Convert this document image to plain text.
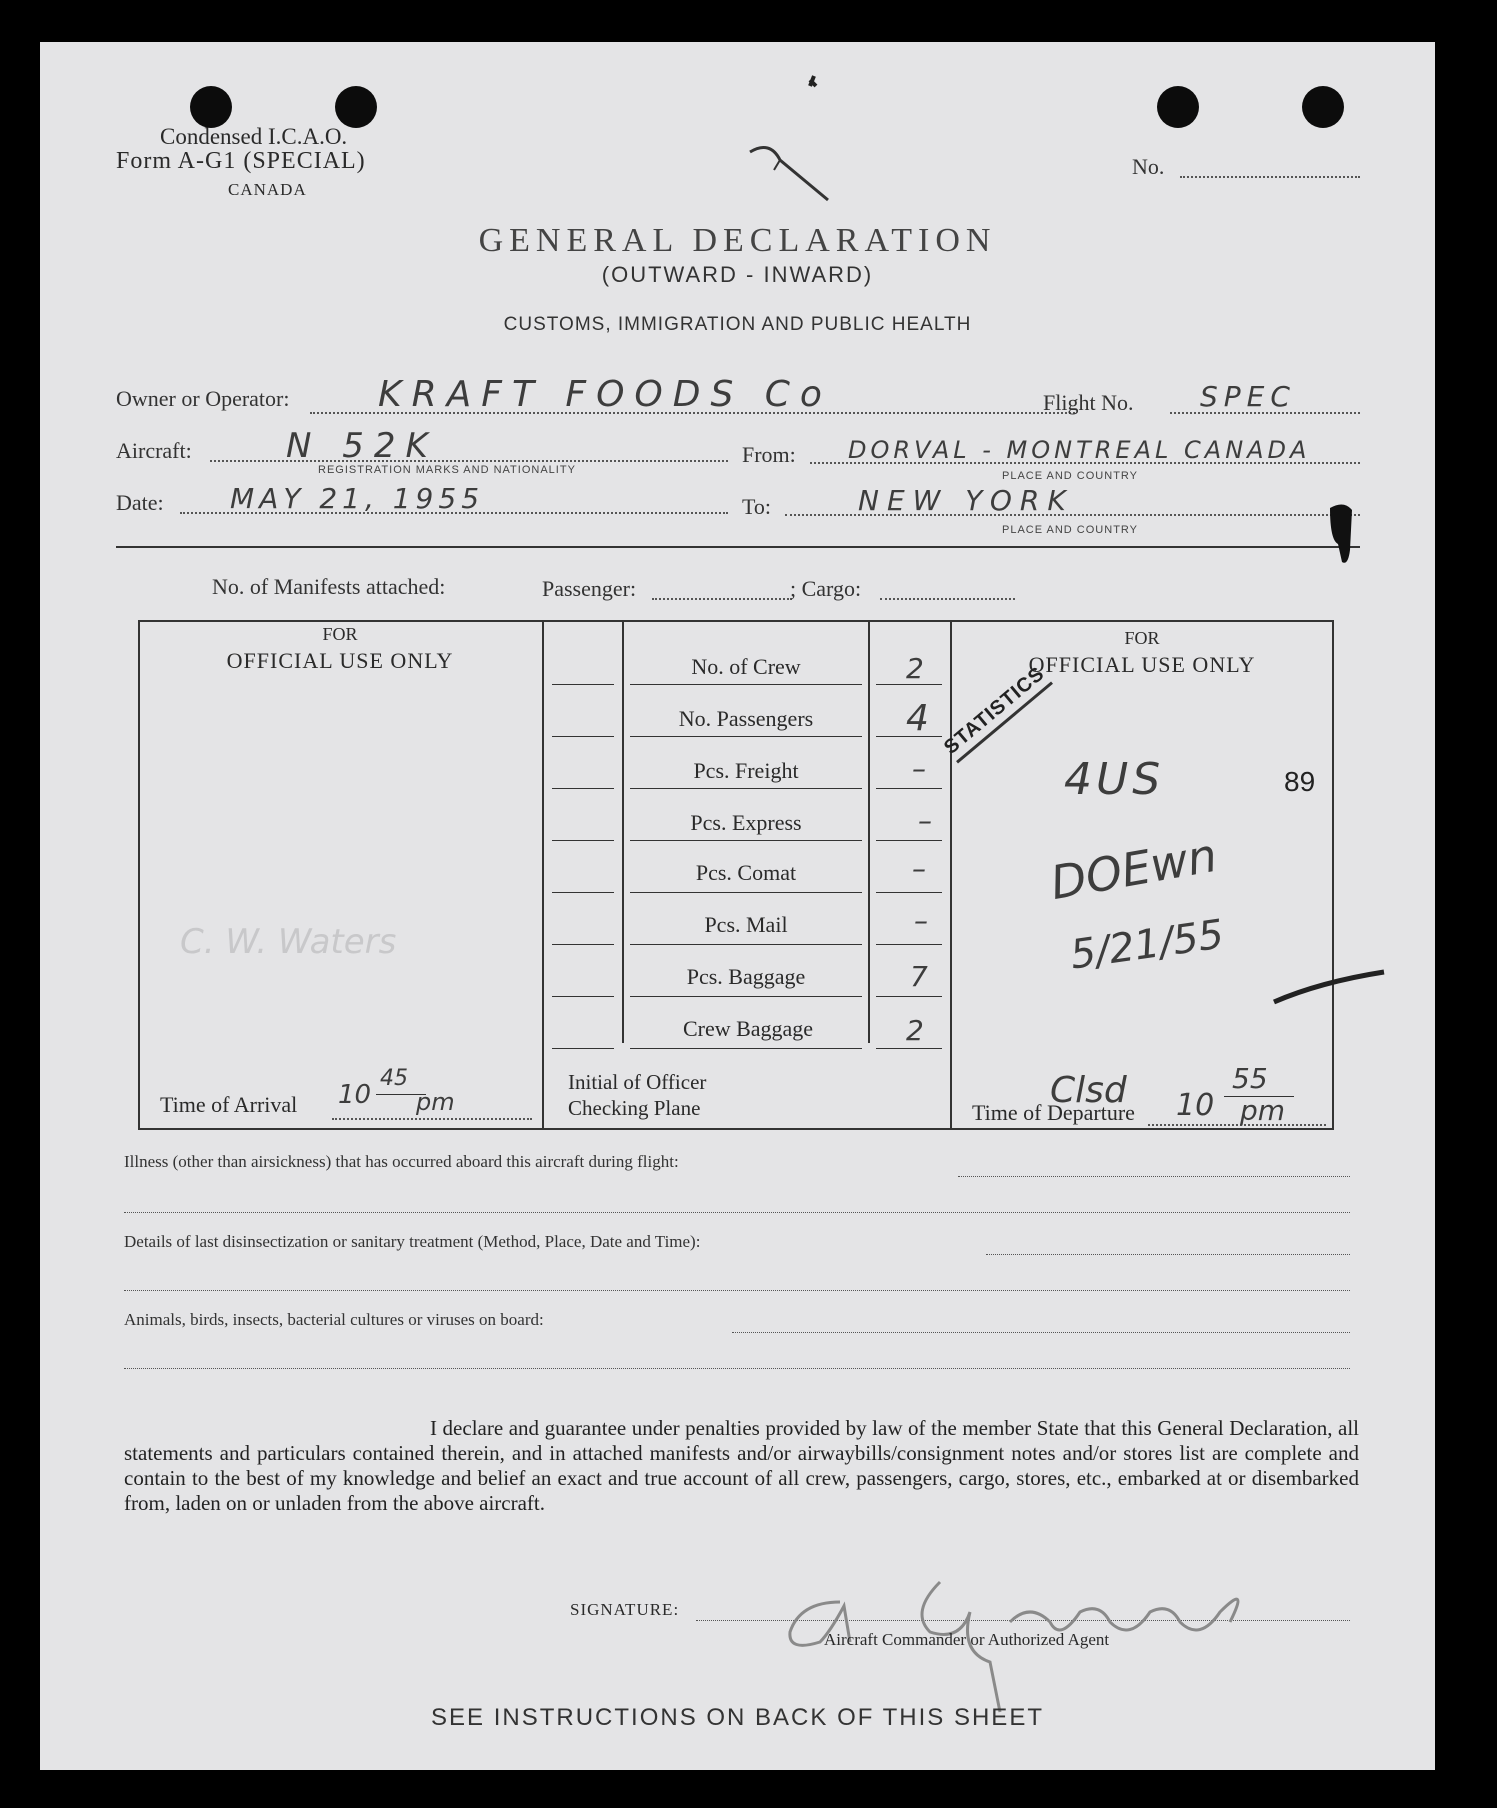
Condensed I.C.A.O.
Form A-G1 (SPECIAL)
CANADA
No.
GENERAL DECLARATION
(OUTWARD - INWARD)
CUSTOMS, IMMIGRATION AND PUBLIC HEALTH
Owner or Operator: KRAFT FOODS Co	Flight No. SPEC
Aircraft:	N 52K
REGISTRATION MARKS AND NATIONALITY
From: DORVAL - MONTREAL CANADA
PLACE AND COUNTRY
Date: MAY 21, 1955	To:	NEW YORK
PLACE AND COUNTRY
No. of Manifests attached:	Passenger:	; Cargo:
FOR
OFFICIAL USE ONLY
C. W. Waters
Time of Arrival 10
45
pm
Initial of Officer
Checking Plane
No. of Crew	2
No. Passengers	4
Pcs. Freight	–
Pcs. Express	–
Pcs. Comat	–
Pcs. Mail	–
Pcs. Baggage	7
Crew Baggage	2
FOR
OFFICIAL USE ONLY
STATISTICS
4US	89
DOEwn
5/21/55
Time of Departure
Clsd 10
55
pm
Illness (other than airsickness) that has occurred aboard this aircraft during flight:
Details of last disinsectization or sanitary treatment (Method, Place, Date and Time):
Animals, birds, insects, bacterial cultures or viruses on board:
I declare and guarantee under penalties provided by law of the member State that this General Declaration, all statements and particulars contained therein, and in attached manifests and/or airwaybills/consignment notes and/or stores list are complete and contain to the best of my knowledge and belief an exact and true account of all crew, passengers, cargo, stores, etc., embarked at or disembarked from, laden on or unladen from the above aircraft.
SIGNATURE:
Aircraft Commander or Authorized Agent
SEE INSTRUCTIONS ON BACK OF THIS SHEET
